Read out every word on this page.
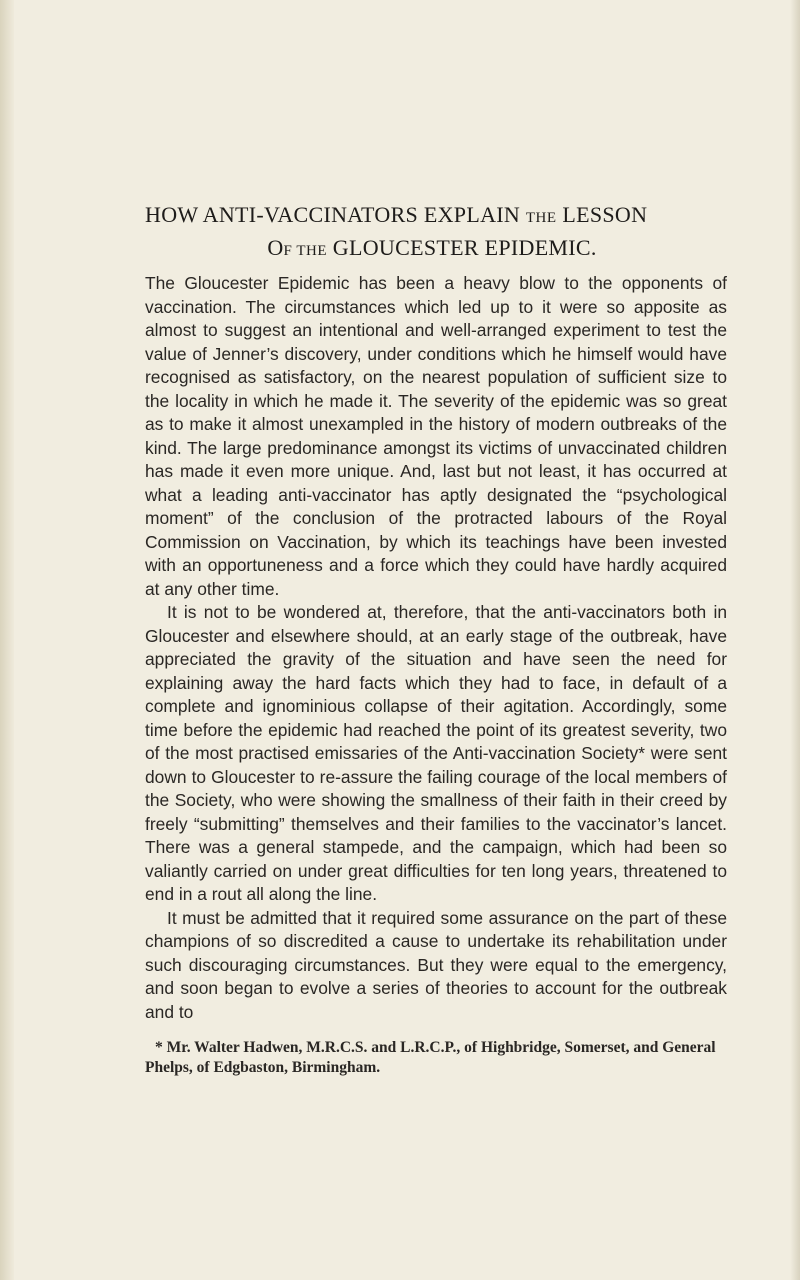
HOW ANTI-VACCINATORS EXPLAIN THE LESSON
OF THE GLOUCESTER EPIDEMIC.

The Gloucester Epidemic has been a heavy blow to the opponents of vaccination. The circumstances which led up to it were so apposite as almost to suggest an intentional and well-arranged experiment to test the value of Jenner’s discovery, under conditions which he himself would have recognised as satisfactory, on the nearest population of sufficient size to the locality in which he made it. The severity of the epidemic was so great as to make it almost unexampled in the history of modern outbreaks of the kind. The large predominance amongst its victims of unvaccinated children has made it even more unique. And, last but not least, it has occurred at what a leading anti-vaccinator has aptly designated the “psychological moment” of the conclusion of the protracted labours of the Royal Commission on Vaccination, by which its teachings have been invested with an opportuneness and a force which they could have hardly acquired at any other time.

It is not to be wondered at, therefore, that the anti-vaccinators both in Gloucester and elsewhere should, at an early stage of the outbreak, have appreciated the gravity of the situation and have seen the need for explaining away the hard facts which they had to face, in default of a complete and ignominious collapse of their agitation. Accordingly, some time before the epidemic had reached the point of its greatest severity, two of the most practised emissaries of the Anti-vaccination Society* were sent down to Gloucester to re-assure the failing courage of the local members of the Society, who were showing the smallness of their faith in their creed by freely “submitting” themselves and their families to the vaccinator’s lancet. There was a general stampede, and the campaign, which had been so valiantly carried on under great difficulties for ten long years, threatened to end in a rout all along the line.

It must be admitted that it required some assurance on the part of these champions of so discredited a cause to undertake its rehabilitation under such discouraging circumstances. But they were equal to the emergency, and soon began to evolve a series of theories to account for the outbreak and to

* Mr. Walter Hadwen, M.R.C.S. and L.R.C.P., of Highbridge, Somerset, and General Phelps, of Edgbaston, Birmingham.
